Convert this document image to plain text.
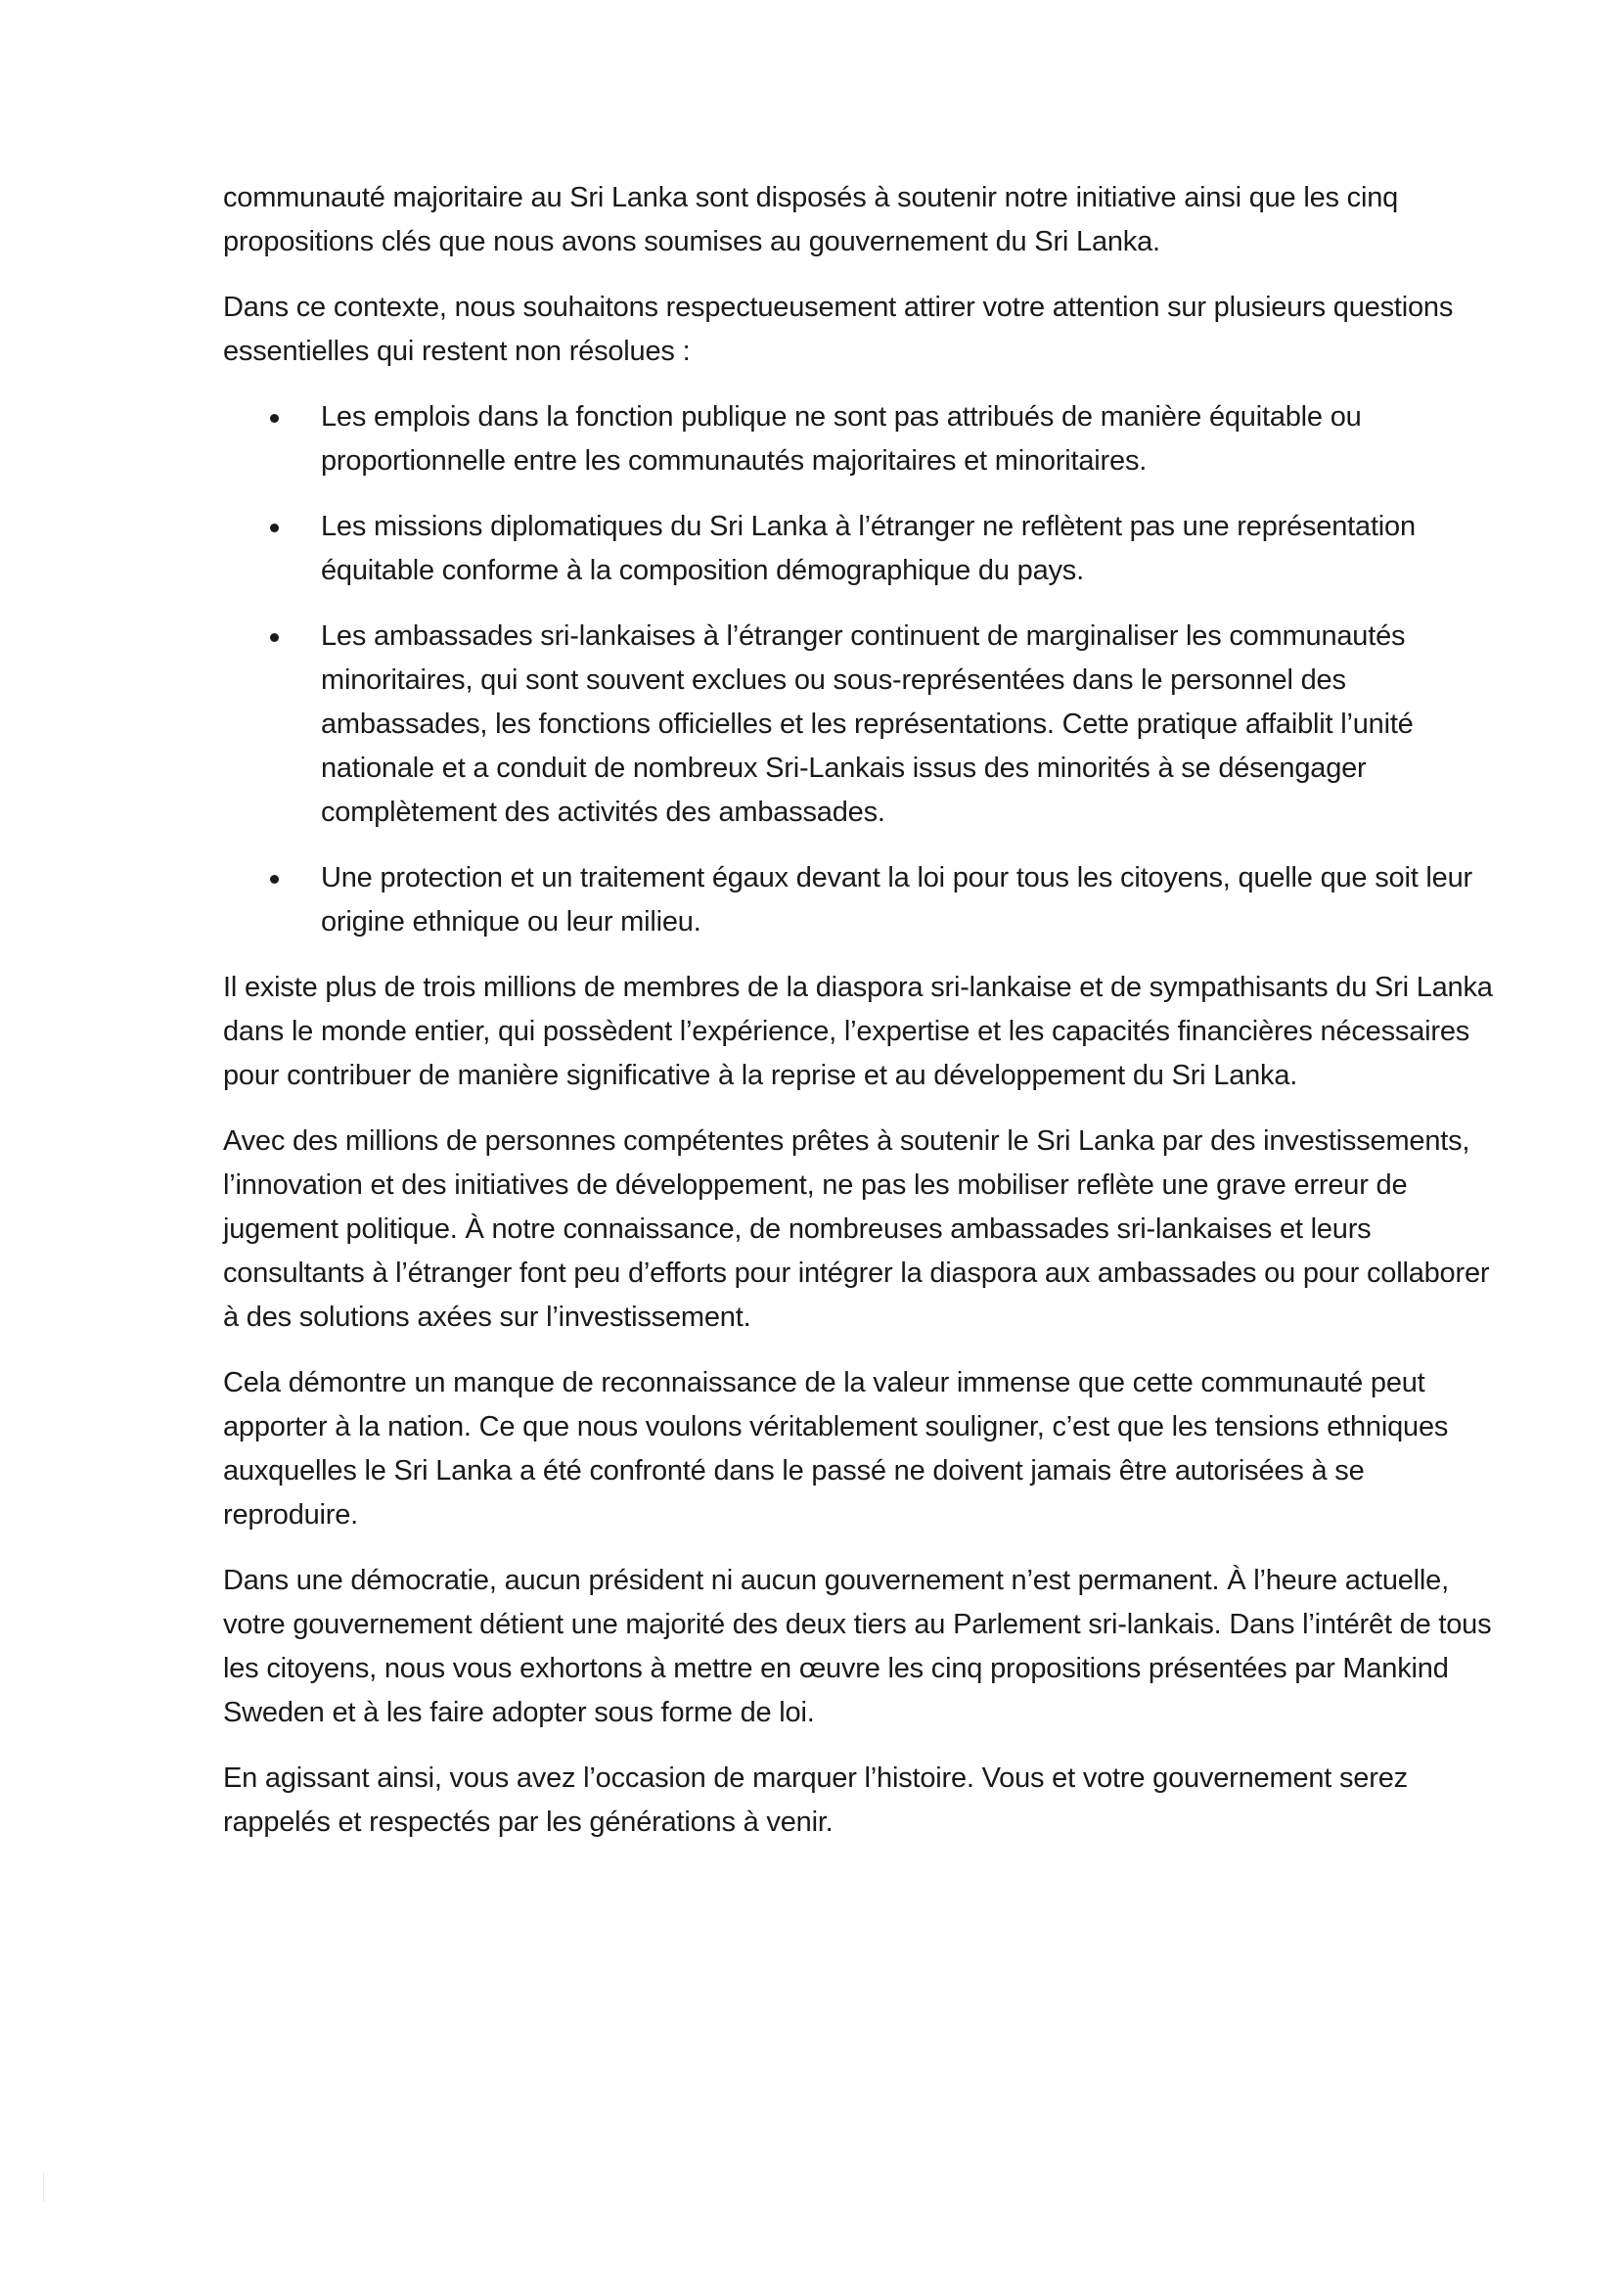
communauté majoritaire au Sri Lanka sont disposés à soutenir notre initiative ainsi que les cinq propositions clés que nous avons soumises au gouvernement du Sri Lanka.

Dans ce contexte, nous souhaitons respectueusement attirer votre attention sur plusieurs questions essentielles qui restent non résolues :

Les emplois dans la fonction publique ne sont pas attribués de manière équitable ou proportionnelle entre les communautés majoritaires et minoritaires.
Les missions diplomatiques du Sri Lanka à l’étranger ne reflètent pas une représentation équitable conforme à la composition démographique du pays.
Les ambassades sri-lankaises à l’étranger continuent de marginaliser les communautés minoritaires, qui sont souvent exclues ou sous-représentées dans le personnel des ambassades, les fonctions officielles et les représentations. Cette pratique affaiblit l’unité nationale et a conduit de nombreux Sri-Lankais issus des minorités à se désengager complètement des activités des ambassades.
Une protection et un traitement égaux devant la loi pour tous les citoyens, quelle que soit leur origine ethnique ou leur milieu.

Il existe plus de trois millions de membres de la diaspora sri-lankaise et de sympathisants du Sri Lanka dans le monde entier, qui possèdent l’expérience, l’expertise et les capacités financières nécessaires pour contribuer de manière significative à la reprise et au développement du Sri Lanka.

Avec des millions de personnes compétentes prêtes à soutenir le Sri Lanka par des investissements, l’innovation et des initiatives de développement, ne pas les mobiliser reflète une grave erreur de jugement politique. À notre connaissance, de nombreuses ambassades sri-lankaises et leurs consultants à l’étranger font peu d’efforts pour intégrer la diaspora aux ambassades ou pour collaborer à des solutions axées sur l’investissement.

Cela démontre un manque de reconnaissance de la valeur immense que cette communauté peut apporter à la nation. Ce que nous voulons véritablement souligner, c’est que les tensions ethniques auxquelles le Sri Lanka a été confronté dans le passé ne doivent jamais être autorisées à se reproduire.

Dans une démocratie, aucun président ni aucun gouvernement n’est permanent. À l’heure actuelle, votre gouvernement détient une majorité des deux tiers au Parlement sri-lankais. Dans l’intérêt de tous les citoyens, nous vous exhortons à mettre en œuvre les cinq propositions présentées par Mankind Sweden et à les faire adopter sous forme de loi.

En agissant ainsi, vous avez l’occasion de marquer l’histoire. Vous et votre gouvernement serez rappelés et respectés par les générations à venir.
